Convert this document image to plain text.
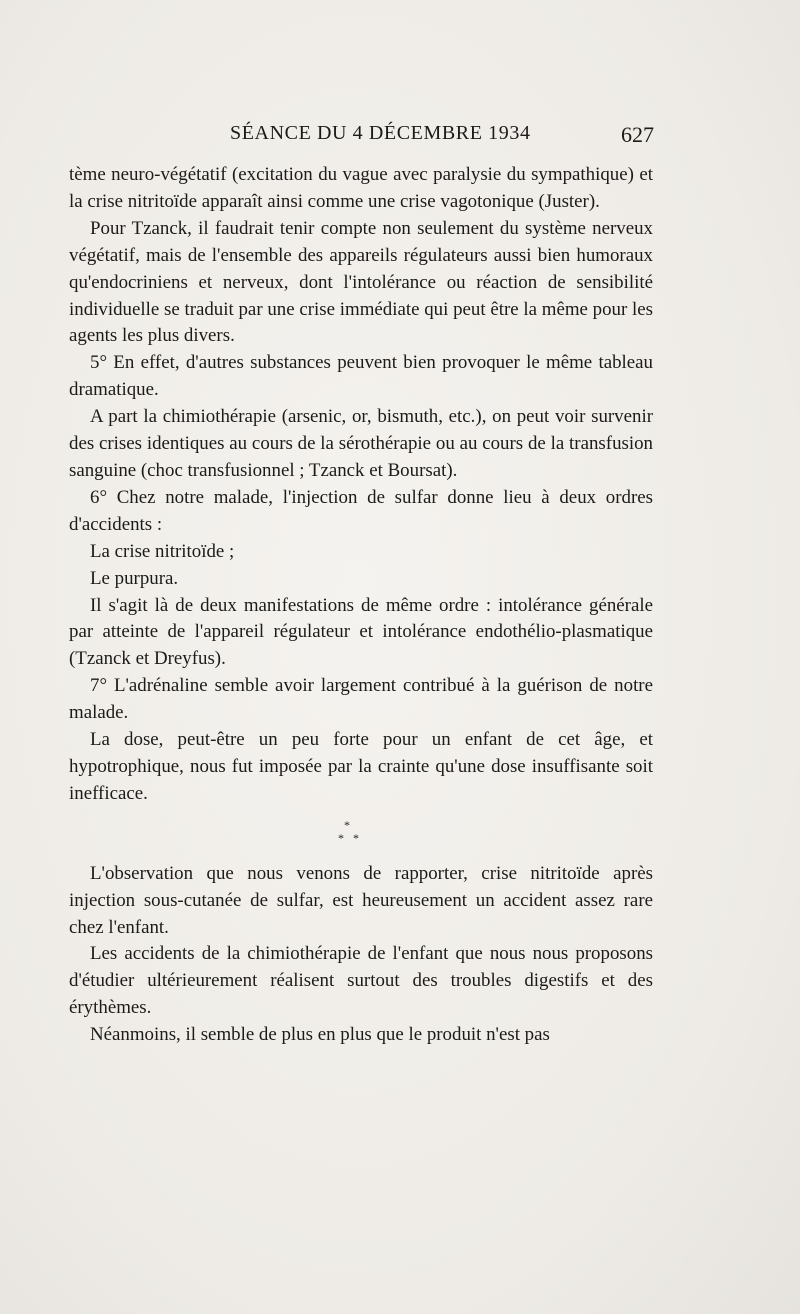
SÉANCE DU 4 DÉCEMBRE 1934	627

tème neuro-végétatif (excitation du vague avec paralysie du sympathique) et la crise nitritoïde apparaît ainsi comme une crise vagotonique (Juster).

Pour Tzanck, il faudrait tenir compte non seulement du système nerveux végétatif, mais de l'ensemble des appareils régulateurs aussi bien humoraux qu'endocriniens et nerveux, dont l'intolérance ou réaction de sensibilité individuelle se traduit par une crise immédiate qui peut être la même pour les agents les plus divers.

5° En effet, d'autres substances peuvent bien provoquer le même tableau dramatique.

A part la chimiothérapie (arsenic, or, bismuth, etc.), on peut voir survenir des crises identiques au cours de la sérothérapie ou au cours de la transfusion sanguine (choc transfusionnel ; Tzanck et Boursat).

6° Chez notre malade, l'injection de sulfar donne lieu à deux ordres d'accidents :

La crise nitritoïde ;

Le purpura.

Il s'agit là de deux manifestations de même ordre : intolérance générale par atteinte de l'appareil régulateur et intolérance endothélio-plasmatique (Tzanck et Dreyfus).

7° L'adrénaline semble avoir largement contribué à la guérison de notre malade.

La dose, peut-être un peu forte pour un enfant de cet âge, et hypotrophique, nous fut imposée par la crainte qu'une dose insuffisante soit inefficace.

*
* *

L'observation que nous venons de rapporter, crise nitritoïde après injection sous-cutanée de sulfar, est heureusement un accident assez rare chez l'enfant.

Les accidents de la chimiothérapie de l'enfant que nous nous proposons d'étudier ultérieurement réalisent surtout des troubles digestifs et des érythèmes.

Néanmoins, il semble de plus en plus que le produit n'est pas
